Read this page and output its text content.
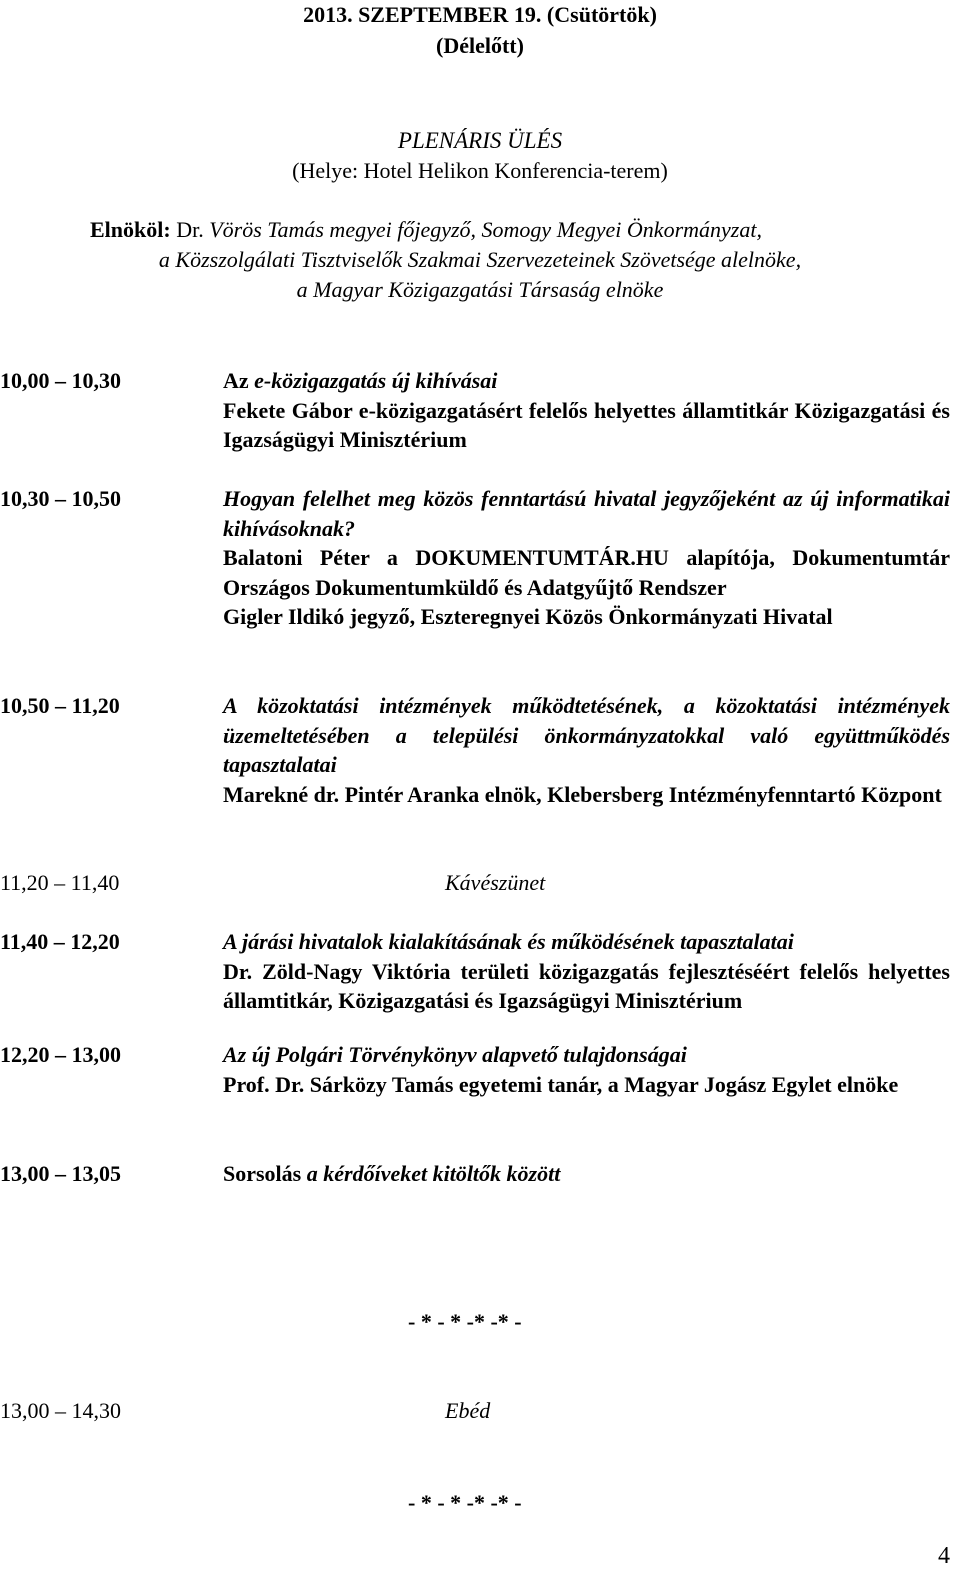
2013. SZEPTEMBER 19. (Csütörtök)
(Délelőtt)
PLENÁRIS ÜLÉS
(Helye: Hotel Helikon Konferencia-terem)
Elnököl: Dr. Vörös Tamás megyei főjegyző, Somogy Megyei Önkormányzat,
a Közszolgálati Tisztviselők Szakmai Szervezeteinek Szövetsége alelnöke,
a Magyar Közigazgatási Társaság elnöke
10,00 – 10,30	Az e-közigazgatás új kihívásai
Fekete Gábor e-közigazgatásért felelős helyettes államtitkár Közigazgatási és Igazságügyi Minisztérium
10,30 – 10,50	Hogyan felelhet meg közös fenntartású hivatal jegyzőjeként az új informatikai kihívásoknak?
Balatoni Péter a DOKUMENTUMTÁR.HU alapítója, Dokumentumtár Országos Dokumentumküldő és Adatgyűjtő Rendszer
Gigler Ildikó jegyző, Eszteregnyei Közös Önkormányzati Hivatal
10,50 – 11,20	A közoktatási intézmények működtetésének, a közoktatási intézmények üzemeltetésében a települési önkormányzatokkal való együttműködés tapasztalatai
Marekné dr. Pintér Aranka elnök, Klebersberg Intézményfenntartó Központ
11,20 – 11,40	Kávészünet
11,40 – 12,20	A járási hivatalok kialakításának és működésének tapasztalatai
Dr. Zöld-Nagy Viktória területi közigazgatás fejlesztéséért felelős helyettes államtitkár, Közigazgatási és Igazságügyi Minisztérium
12,20 – 13,00	Az új Polgári Törvénykönyv alapvető tulajdonságai
Prof. Dr. Sárközy Tamás egyetemi tanár, a Magyar Jogász Egylet elnöke
13,00 – 13,05	Sorsolás a kérdőíveket kitöltők között
- * - * -* -* -
13,00 – 14,30	Ebéd
- * - * -* -* -
4
